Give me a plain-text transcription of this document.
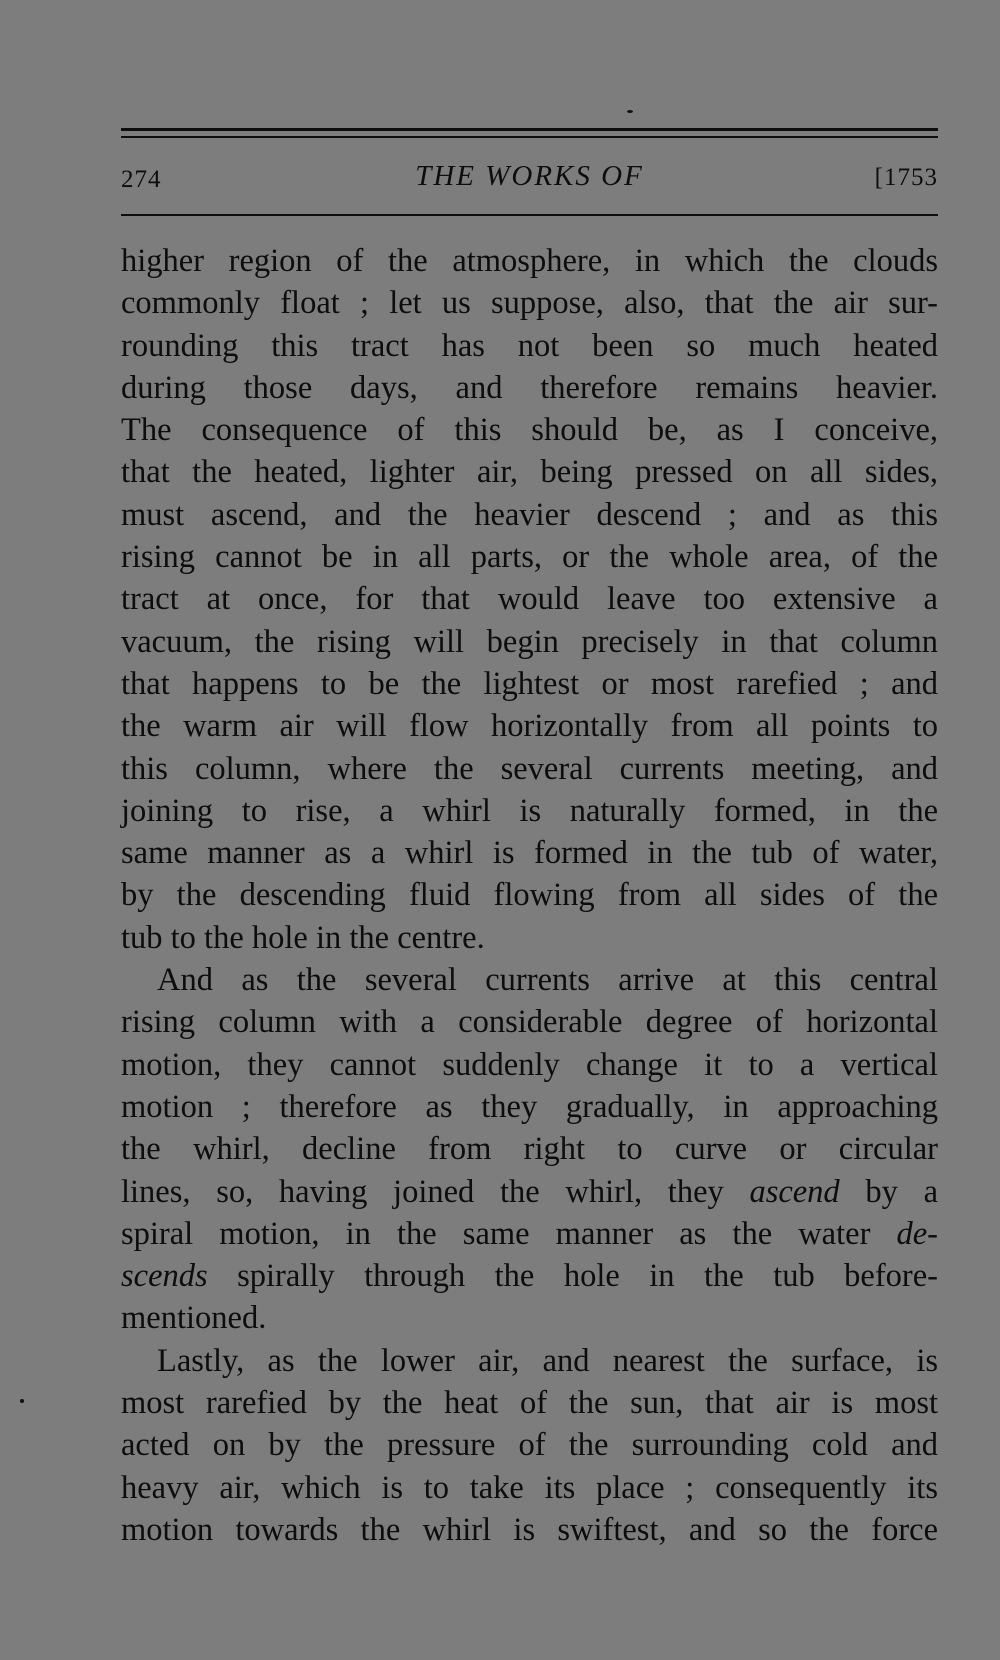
274	THE WORKS OF	[1753
higher region of the atmosphere, in which the clouds
commonly float ; let us suppose, also, that the air sur-
rounding this tract has not been so much heated
during those days, and therefore remains heavier.
The consequence of this should be, as I conceive,
that the heated, lighter air, being pressed on all sides,
must ascend, and the heavier descend ; and as this
rising cannot be in all parts, or the whole area, of the
tract at once, for that would leave too extensive a
vacuum, the rising will begin precisely in that column
that happens to be the lightest or most rarefied ; and
the warm air will flow horizontally from all points to
this column, where the several currents meeting, and
joining to rise, a whirl is naturally formed, in the
same manner as a whirl is formed in the tub of water,
by the descending fluid flowing from all sides of the
tub to the hole in the centre.
And as the several currents arrive at this central
rising column with a considerable degree of horizontal
motion, they cannot suddenly change it to a vertical
motion ; therefore as they gradually, in approaching
the whirl, decline from right to curve or circular
lines, so, having joined the whirl, they ascend by a
spiral motion, in the same manner as the water de-
scends spirally through the hole in the tub before-
mentioned.
Lastly, as the lower air, and nearest the surface, is
most rarefied by the heat of the sun, that air is most
acted on by the pressure of the surrounding cold and
heavy air, which is to take its place ; consequently its
motion towards the whirl is swiftest, and so the force
